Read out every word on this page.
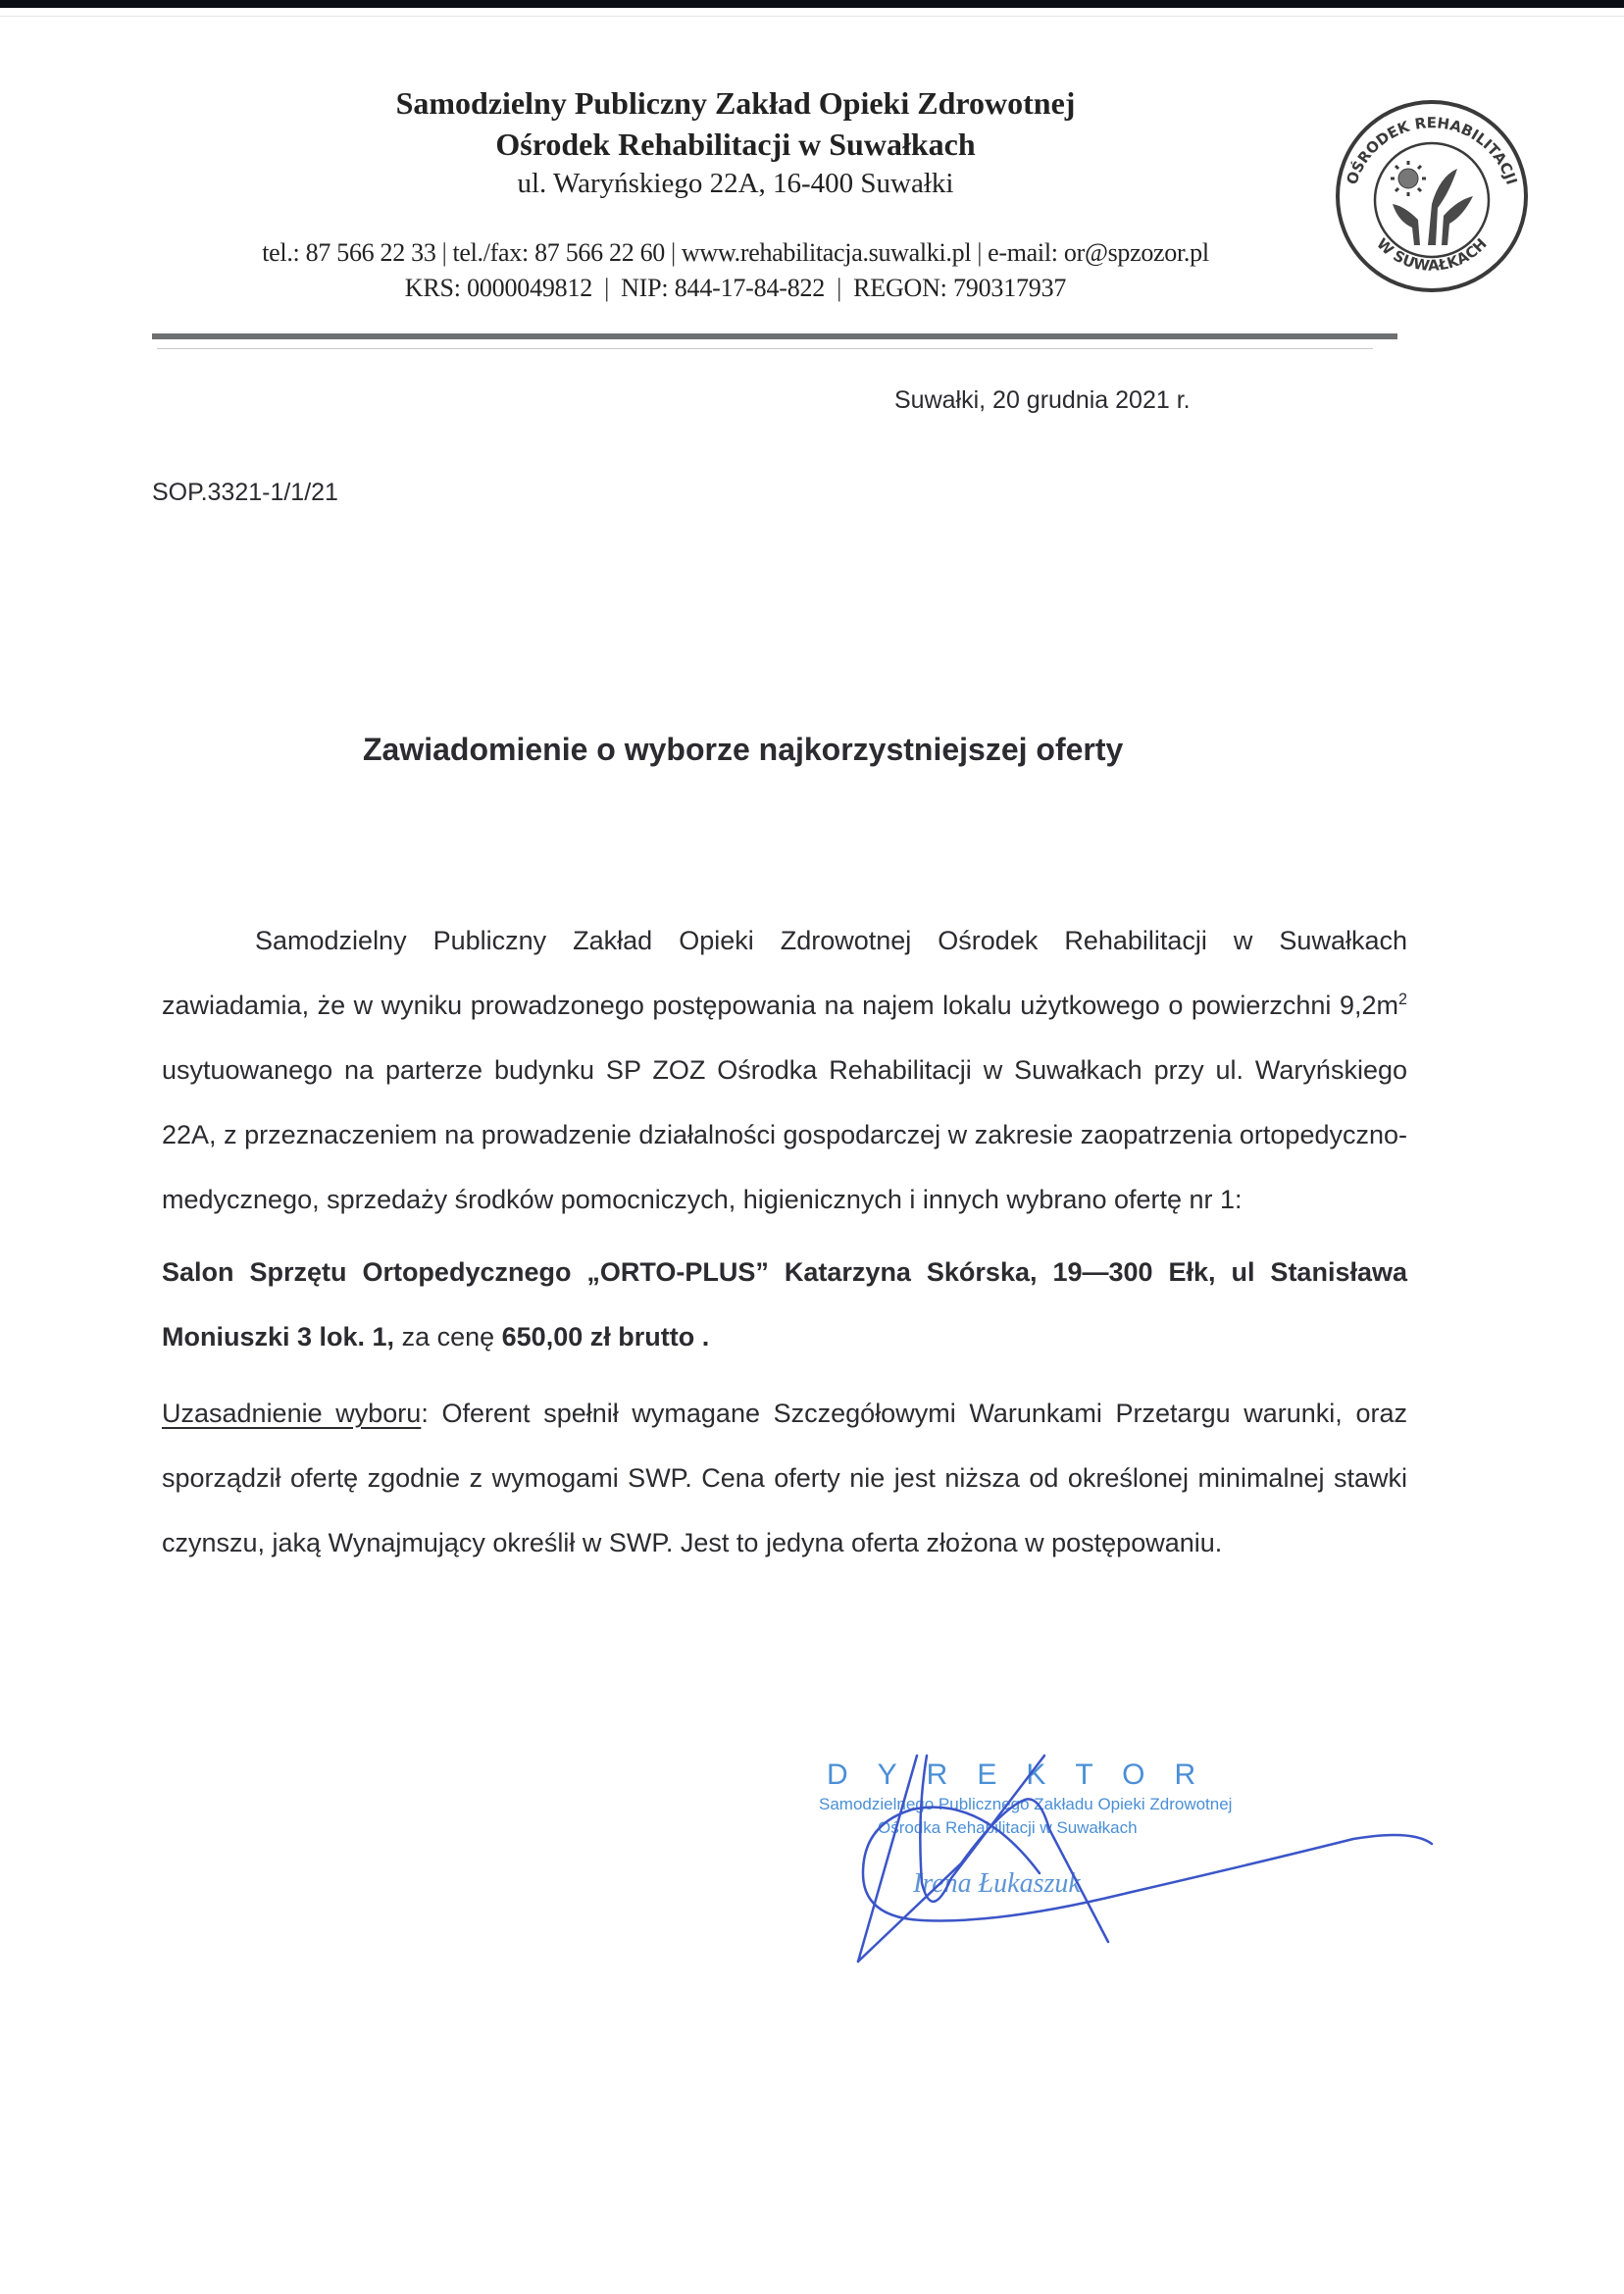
Samodzielny Publiczny Zakład Opieki Zdrowotnej
Ośrodek Rehabilitacji w Suwałkach
ul. Waryńskiego 22A, 16-400 Suwałki
tel.: 87 566 22 33 | tel./fax: 87 566 22 60 | www.rehabilitacja.suwalki.pl | e-mail: or@spzozor.pl
KRS: 0000049812 | NIP: 844-17-84-822 | REGON: 790317937
OŚRODEK REHABILITACJI
W SUWAŁKACH
Suwałki, 20 grudnia 2021 r.
SOP.3321-1/1/21
Zawiadomienie o wyborze najkorzystniejszej oferty

Samodzielny Publiczny Zakład Opieki Zdrowotnej Ośrodek Rehabilitacji w Suwałkach zawiadamia, że w wyniku prowadzonego postępowania na najem lokalu użytkowego o powierzchni $9,2m^2$ usytuowanego na parterze budynku SP ZOZ Ośrodka Rehabilitacji w Suwałkach przy ul. Waryńskiego 22A, z przeznaczeniem na prowadzenie działalności gospodarczej w zakresie zaopatrzenia ortopedyczno-medycznego, sprzedaży środków pomocniczych, higienicznych i innych wybrano ofertę nr 1:

Salon Sprzętu Ortopedycznego „ORTO-PLUS” Katarzyna Skórska, 19—300 Ełk, ul Stanisława Moniuszki 3 lok. 1, za cenę 650,00 zł brutto .

Uzasadnienie wyboru: Oferent spełnił wymagane Szczegółowymi Warunkami Przetargu warunki, oraz sporządził ofertę zgodnie z wymogami SWP. Cena oferty nie jest niższa od określonej minimalnej stawki czynszu, jaką Wynajmujący określił w SWP. Jest to jedyna oferta złożona w postępowaniu.

DYREKTOR
Samodzielnego Publicznego Zakładu Opieki Zdrowotnej
Ośrodka Rehabilitacji w Suwałkach
Irena Łukaszuk
